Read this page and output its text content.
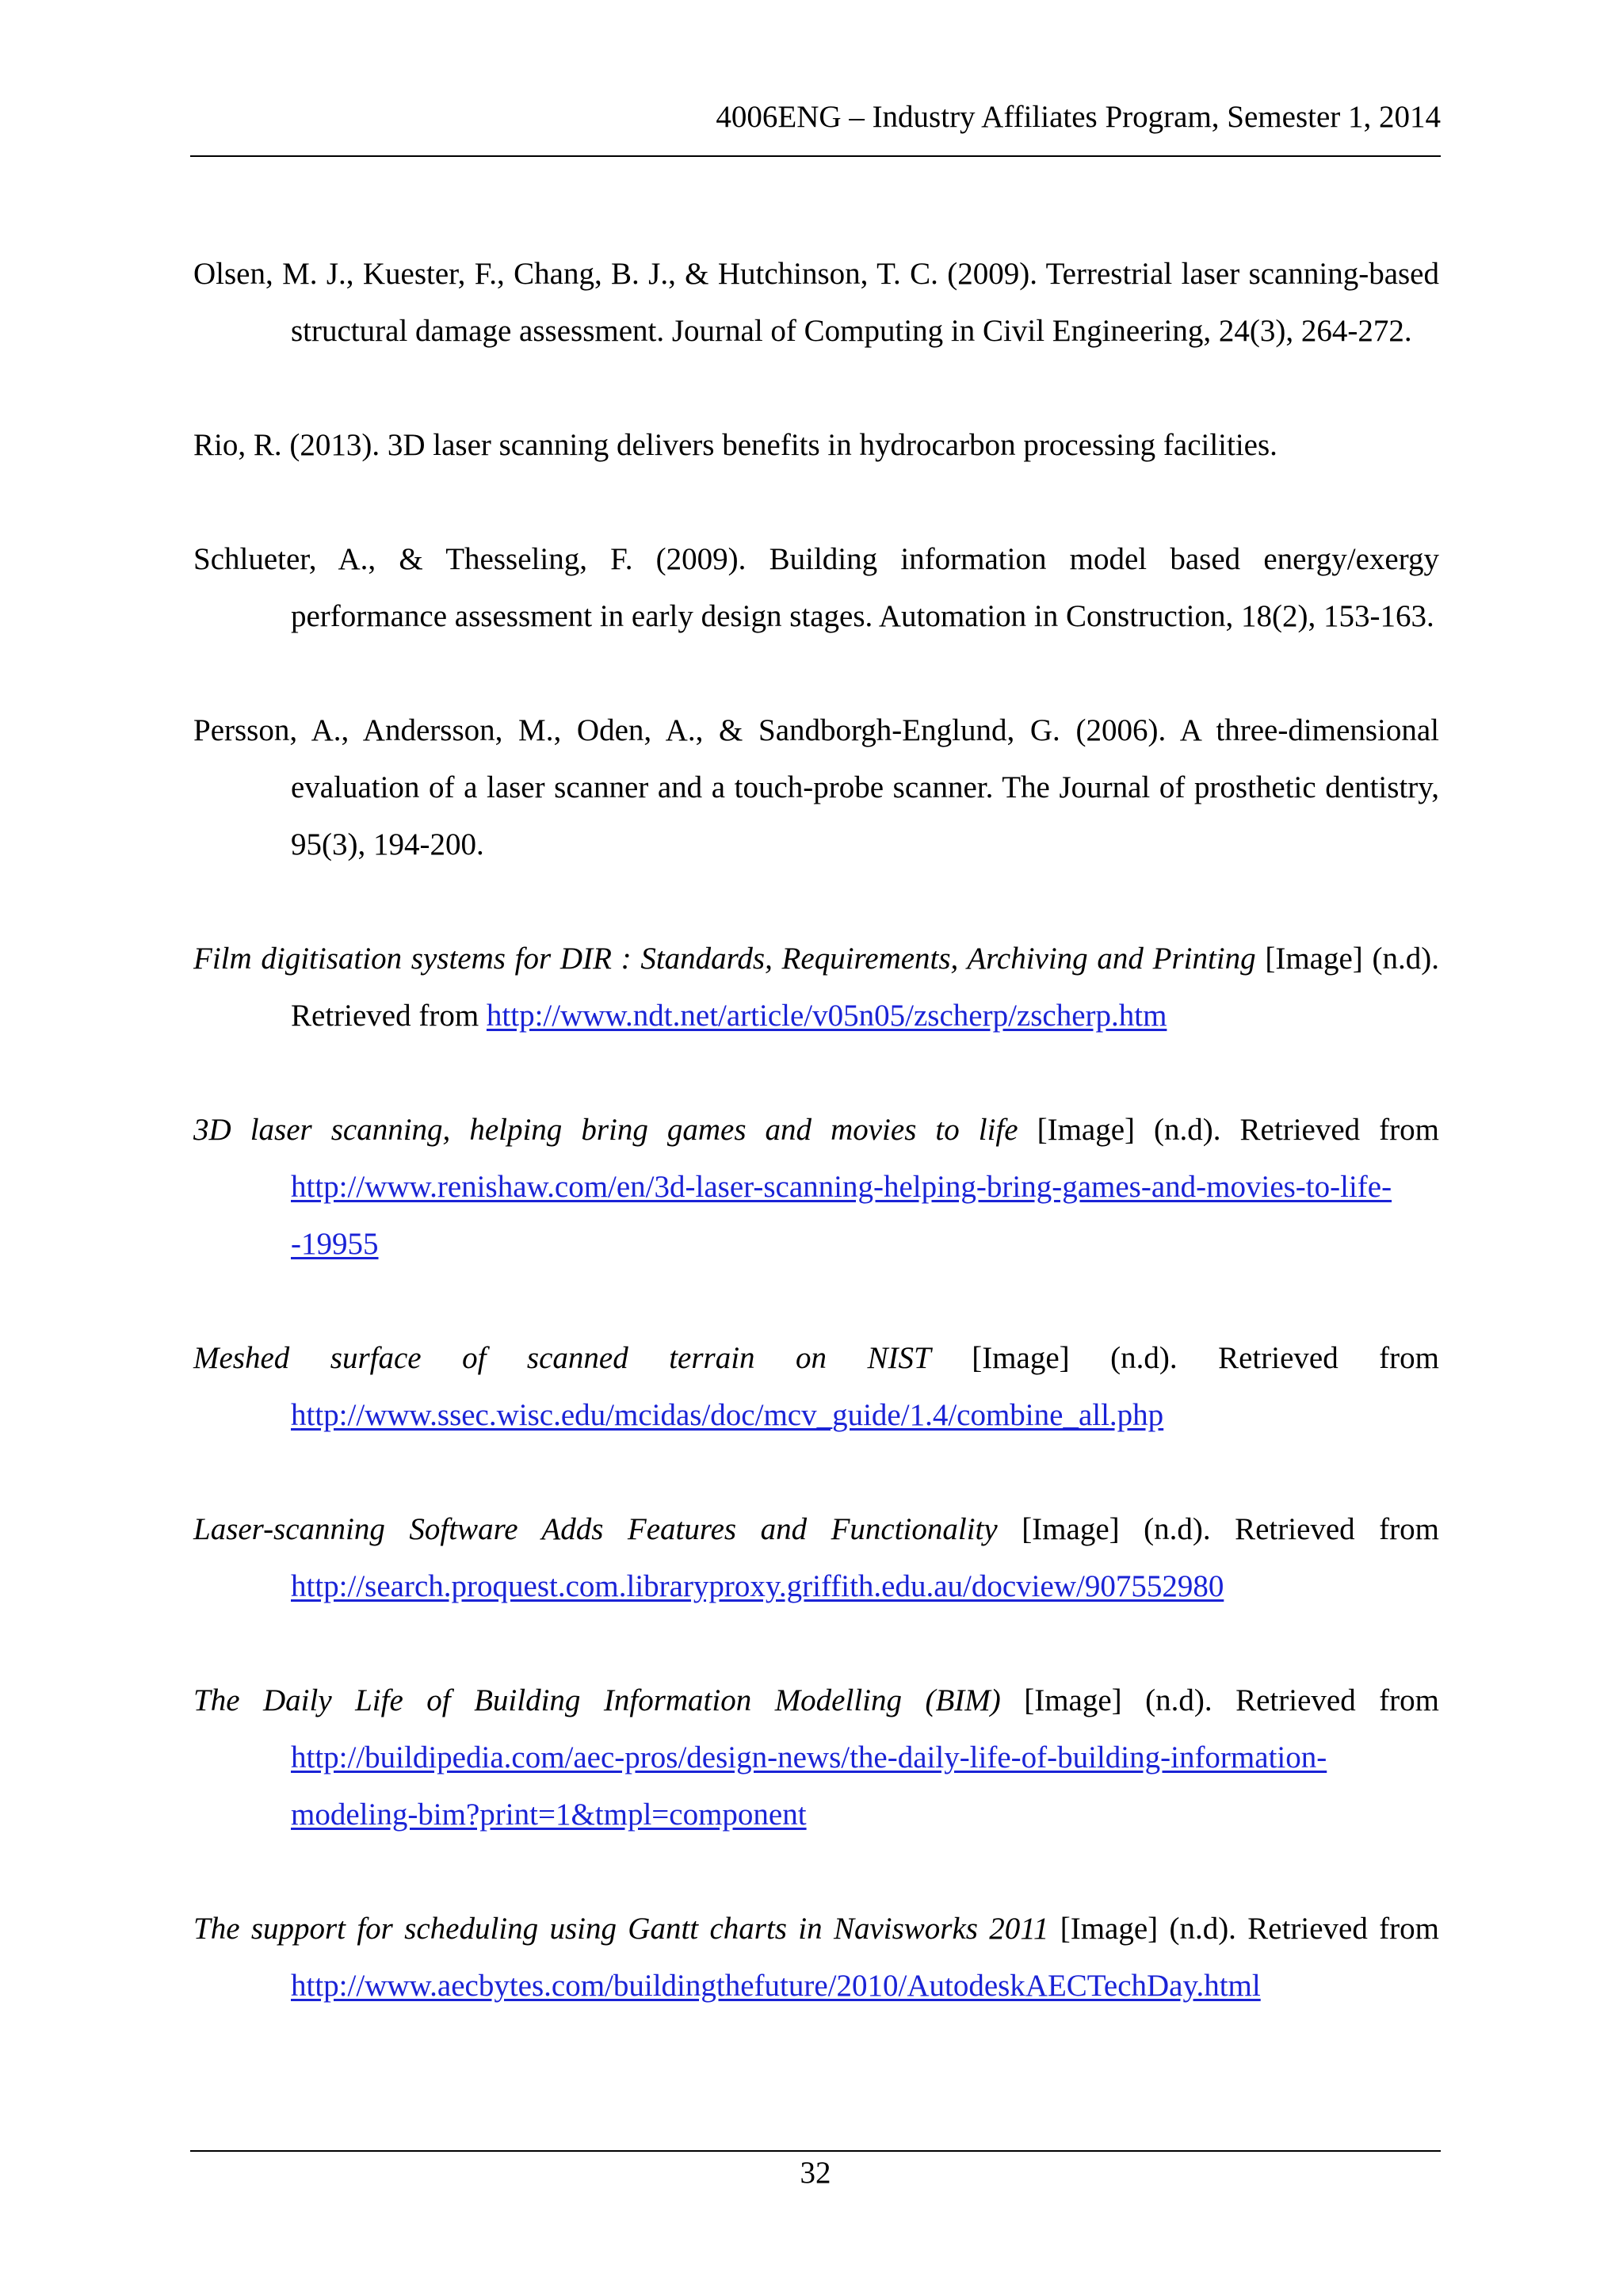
4006ENG – Industry Affiliates Program, Semester 1, 2014

Olsen, M. J., Kuester, F., Chang, B. J., & Hutchinson, T. C. (2009). Terrestrial laser scanning-based structural damage assessment. Journal of Computing in Civil Engineering, 24(3), 264-272.

Rio, R. (2013). 3D laser scanning delivers benefits in hydrocarbon processing facilities.

Schlueter, A., & Thesseling, F. (2009). Building information model based energy/exergy performance assessment in early design stages. Automation in Construction, 18(2), 153-163.

Persson, A., Andersson, M., Oden, A., & Sandborgh-Englund, G. (2006). A three-dimensional evaluation of a laser scanner and a touch-probe scanner. The Journal of prosthetic dentistry, 95(3), 194-200.

Film digitisation systems for DIR : Standards, Requirements, Archiving and Printing [Image] (n.d). Retrieved from http://www.ndt.net/article/v05n05/zscherp/zscherp.htm

3D laser scanning, helping bring games and movies to life [Image] (n.d). Retrieved from http://www.renishaw.com/en/3d-laser-scanning-helping-bring-games-and-movies-to-life--19955

Meshed surface of scanned terrain on NIST [Image] (n.d). Retrieved from http://www.ssec.wisc.edu/mcidas/doc/mcv_guide/1.4/combine_all.php

Laser-scanning Software Adds Features and Functionality [Image] (n.d). Retrieved from http://search.proquest.com.libraryproxy.griffith.edu.au/docview/907552980

The Daily Life of Building Information Modelling (BIM) [Image] (n.d). Retrieved from http://buildipedia.com/aec-pros/design-news/the-daily-life-of-building-information-modeling-bim?print=1&tmpl=component

The support for scheduling using Gantt charts in Navisworks 2011 [Image] (n.d). Retrieved from http://www.aecbytes.com/buildingthefuture/2010/AutodeskAECTechDay.html

32
